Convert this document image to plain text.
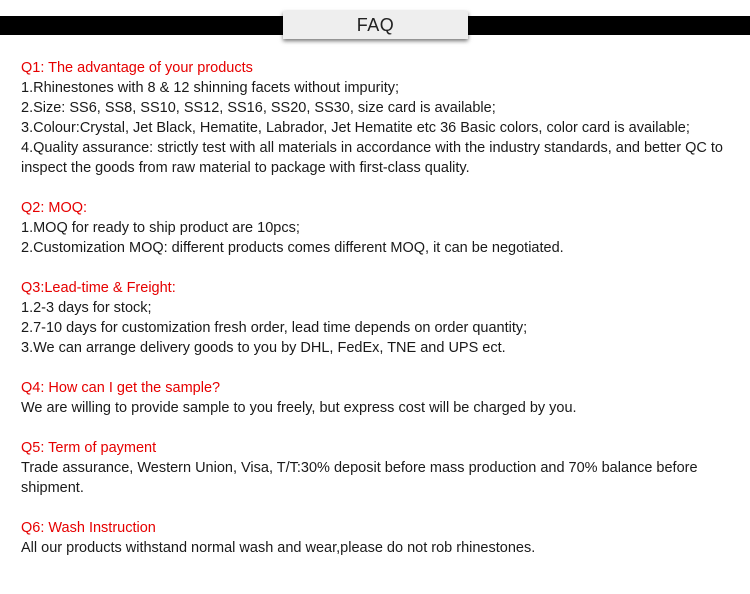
FAQ
Q1: The advantage of your products
1.Rhinestones with 8 & 12 shinning facets without impurity;
2.Size: SS6, SS8, SS10, SS12, SS16, SS20, SS30, size card is available;
3.Colour:Crystal, Jet Black, Hematite, Labrador, Jet Hematite etc 36 Basic colors, color card is available;
4.Quality assurance: strictly test with all materials in accordance with the industry standards, and better QC to inspect the goods from raw material to package with first-class quality.
Q2: MOQ:
1.MOQ for ready to ship product are 10pcs;
2.Customization MOQ: different products comes different MOQ, it can be negotiated.
Q3:Lead-time & Freight:
1.2-3 days for stock;
2.7-10 days for customization fresh order, lead time depends on order quantity;
3.We can arrange delivery goods to you by DHL, FedEx, TNE and UPS ect.
Q4: How can I get the sample?
We are willing to provide sample to you freely, but express cost will be charged by you.
Q5: Term of payment
Trade assurance, Western Union, Visa, T/T:30% deposit before mass production and 70% balance before shipment.
Q6: Wash Instruction
All our products withstand normal wash and wear,please do not rob rhinestones.
